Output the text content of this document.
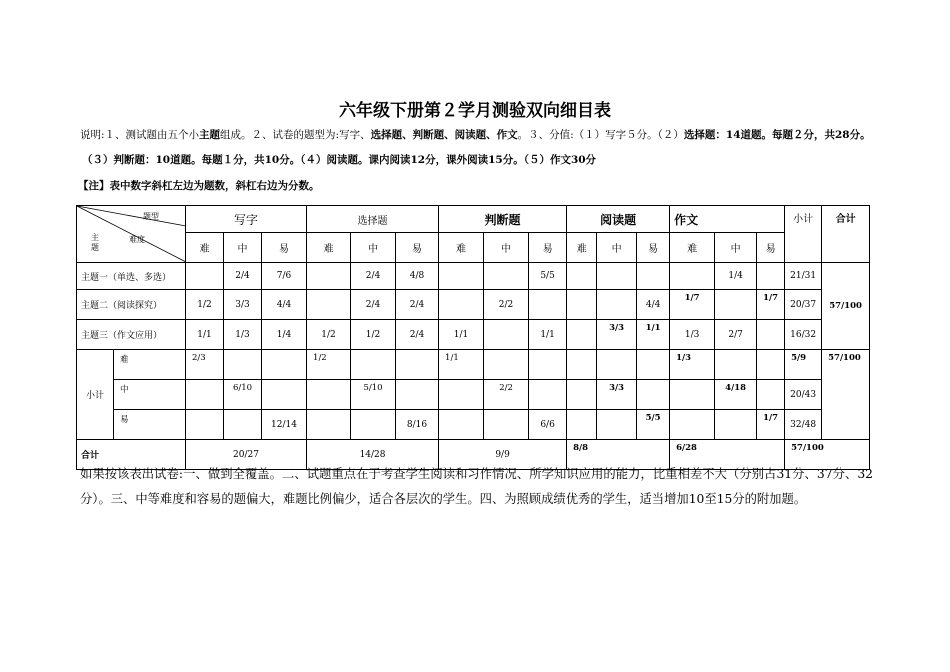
六年级下册第２学月测验双向细目表
说明:１、测试题由五个小主题组成。２、试卷的题型为:写字、选择题、判断题、阅读题、作文。３、分值:（１）写字５分。（２）选择题：14道题。每题２分，共28分。
（３）判断题：10道题。每题１分，共10分。（４）阅读题。课内阅读12分，课外阅读15分。（５）作文30分
【注】表中数字斜杠左边为题数，斜杠右边为分数。
题型
难度
主
题		写字			选择题			判断题			阅读题			作文			小计	合计
		难	中	易	难	中	易	难	中	易	难	中	易	难	中	易		
主题一（单选、多选）			2/4	7/6		2/4	4/8			5/5					1/4		21/31	57/100
主题二（阅读探究）		1/2	3/3	4/4		2/4	2/4		2/2				4/4	1/7		1/7	20/37	
主题三（作文应用）		1/1	1/3	1/4	1/2	1/2	2/4	1/1		1/1		3/3	1/1	1/3	2/7		16/32	
小计	难	2/3			1/2			1/1						1/3			5/9	57/100
	中		6/10			5/10			2/2			3/3			4/18		20/43	
	易			12/14			8/16			6/6			5/5			1/7	32/48	
合计		20/27			14/28			9/9			8/8			6/28			57/100	
如果按该表出试卷:一、做到全覆盖。二、试题重点在于考查学生阅读和习作情况、所学知识应用的能力，比重相差不大（分别占31分、37分、32分）。三、中等难度和容易的题偏大，难题比例偏少，适合各层次的学生。四、为照顾成绩优秀的学生，适当增加10至15分的附加题。
